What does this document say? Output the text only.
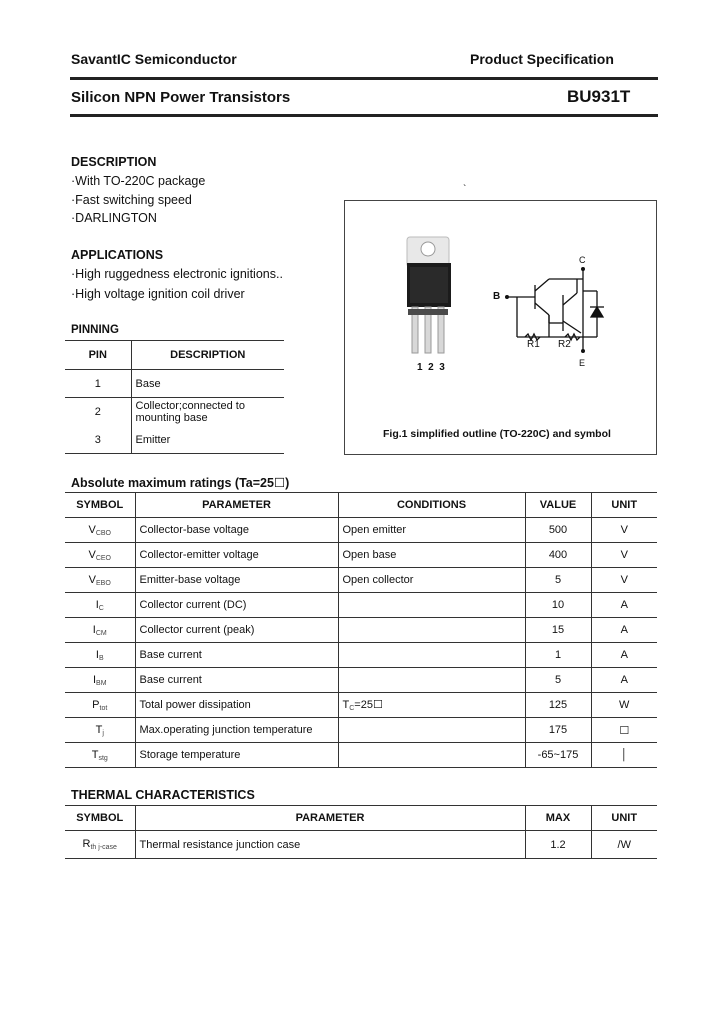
SavantIC Semiconductor	Product Specification
Silicon NPN Power Transistors	BU931T
DESCRIPTION
·With TO-220C package
·Fast switching speed
·DARLINGTON
APPLICATIONS
·High ruggedness electronic ignitions..
·High voltage ignition coil driver
PINNING
PIN	DESCRIPTION
1	Base
2	Collector;connected to mounting base
3	Emitter
`
C
B
R1 R2
E
1  2  3
Fig.1 simplified outline (TO-220C) and symbol
Absolute maximum ratings (Ta=25☐)
SYMBOL	PARAMETER	CONDITIONS	VALUE	UNIT
$V_{CBO}$	Collector-base voltage	Open emitter	500	V
$V_{CEO}$	Collector-emitter voltage	Open base	400	V
$V_{EBO}$	Emitter-base voltage	Open collector	5	V
$I_C$	Collector current (DC)		10	A
$I_{CM}$	Collector current (peak)		15	A
$I_B$	Base current		1	A
$I_{BM}$	Base current		5	A
$P_{tot}$	Total power dissipation	$T_C=25☐$	125	W
$T_j$	Max.operating junction temperature		175	☐
$T_{stg}$	Storage temperature		-65~175	│
THERMAL CHARACTERISTICS
SYMBOL	PARAMETER	MAX	UNIT
$R_{th j-case}$	Thermal resistance junction case	1.2	/W
